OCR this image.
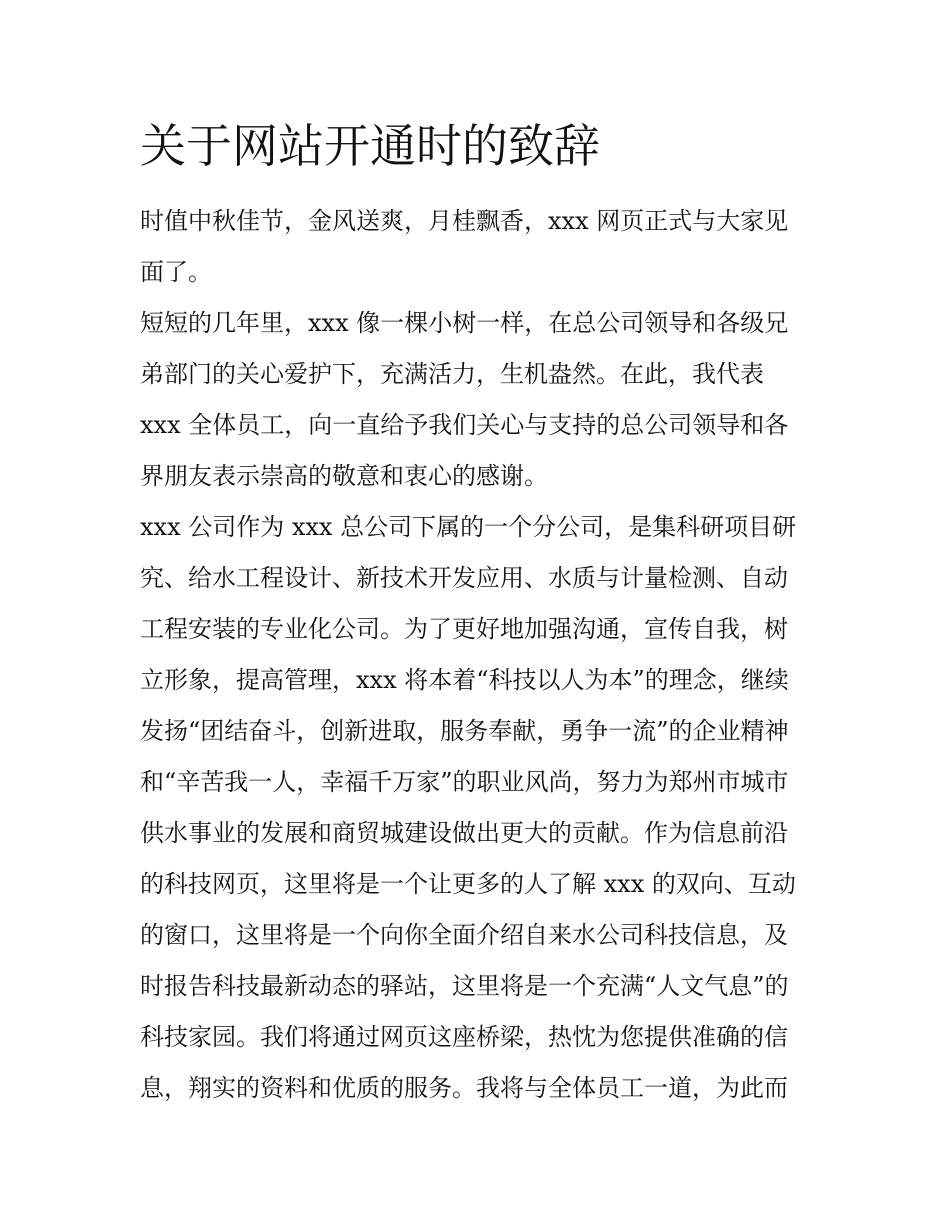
关于网站开通时的致辞

时值中秋佳节，金风送爽，月桂飘香，xxx 网页正式与大家见

面了。

短短的几年里，xxx 像一棵小树一样，在总公司领导和各级兄

弟部门的关心爱护下，充满活力，生机盎然。在此，我代表

xxx 全体员工，向一直给予我们关心与支持的总公司领导和各

界朋友表示崇高的敬意和衷心的感谢。

xxx 公司作为 xxx 总公司下属的一个分公司，是集科研项目研

究、给水工程设计、新技术开发应用、水质与计量检测、自动

工程安装的专业化公司。为了更好地加强沟通，宣传自我，树

立形象，提高管理，xxx 将本着“科技以人为本”的理念，继续

发扬“团结奋斗，创新进取，服务奉献，勇争一流”的企业精神

和“辛苦我一人，幸福千万家”的职业风尚，努力为郑州市城市

供水事业的发展和商贸城建设做出更大的贡献。作为信息前沿

的科技网页，这里将是一个让更多的人了解 xxx 的双向、互动

的窗口，这里将是一个向你全面介绍自来水公司科技信息，及

时报告科技最新动态的驿站，这里将是一个充满“人文气息”的

科技家园。我们将通过网页这座桥梁，热忱为您提供准确的信

息，翔实的资料和优质的服务。我将与全体员工一道，为此而
